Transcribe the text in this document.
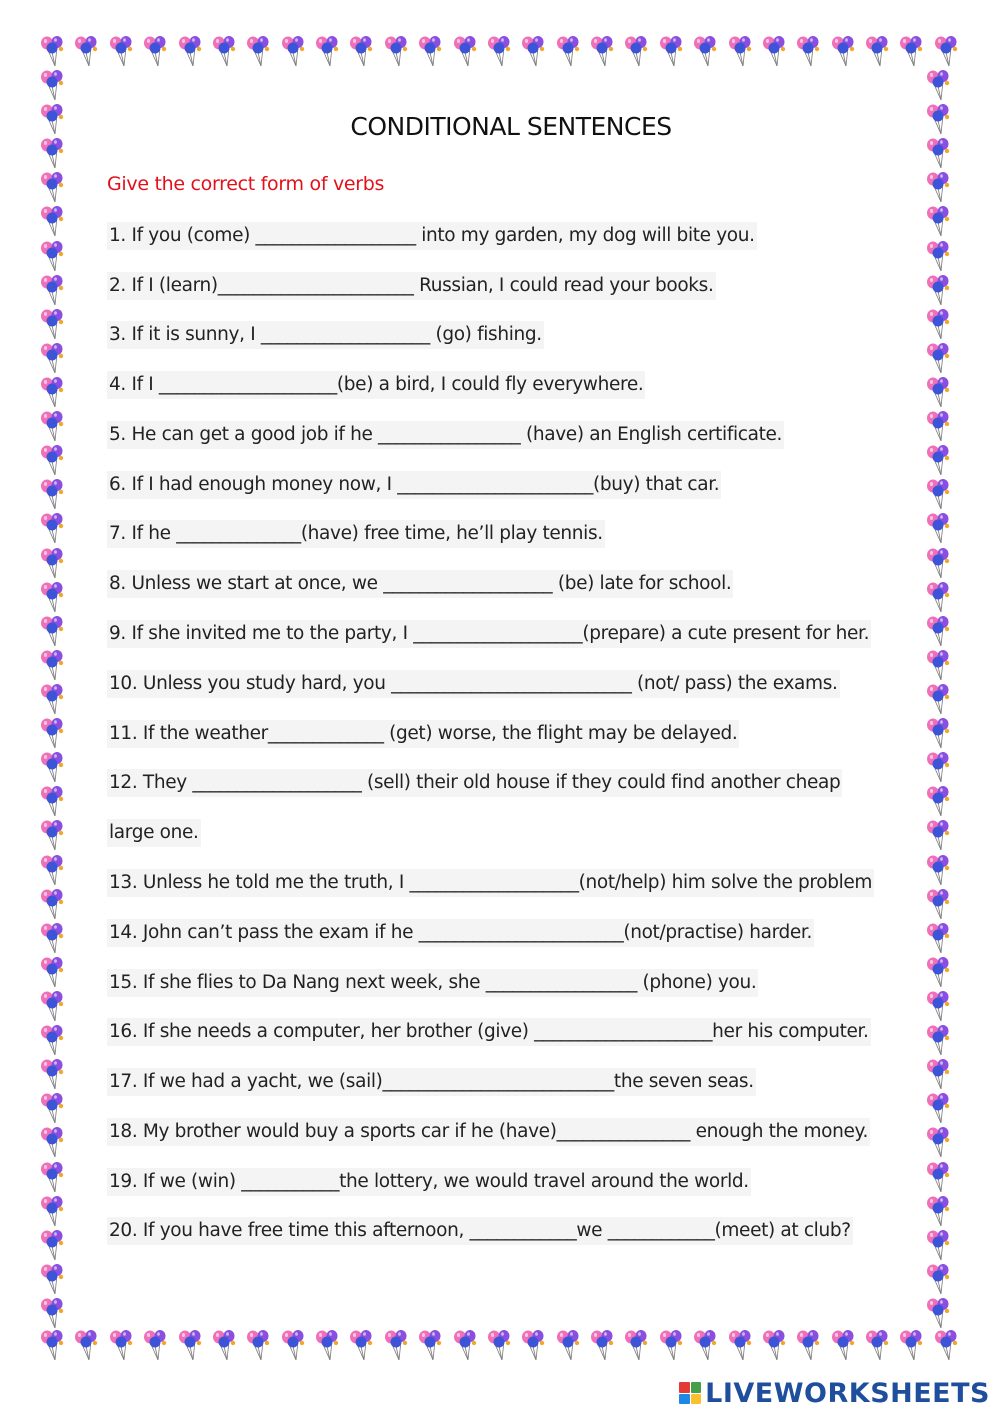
CONDITIONAL SENTENCES
Give the correct form of verbs
1. If you (come) __________________ into my garden, my dog will bite you.
2. If I (learn)______________________ Russian, I could read your books.
3. If it is sunny, I ___________________ (go) fishing.
4. If I ____________________(be) a bird, I could fly everywhere.
5. He can get a good job if he ________________ (have) an English certificate.
6. If I had enough money now, I ______________________(buy) that car.
7. If he ______________(have) free time, he’ll play tennis.
8. Unless we start at once, we ___________________ (be) late for school.
9. If she invited me to the party, I ___________________(prepare) a cute present for her.
10. Unless you study hard, you ___________________________ (not/ pass) the exams.
11. If the weather_____________ (get) worse, the flight may be delayed.
12. They ___________________ (sell) their old house if they could find another cheap
large one.
13. Unless he told me the truth, I ___________________(not/help) him solve the problem
14. John can’t pass the exam if he _______________________(not/practise) harder.
15. If she flies to Da Nang next week, she _________________ (phone) you.
16. If she needs a computer, her brother (give) ____________________her his computer.
17. If we had a yacht, we (sail)__________________________the seven seas.
18. My brother would buy a sports car if he (have)_______________ enough the money.
19. If we (win) ___________the lottery, we would travel around the world.
20. If you have free time this afternoon, ____________we ____________(meet) at club?
LIVEWORKSHEETS
